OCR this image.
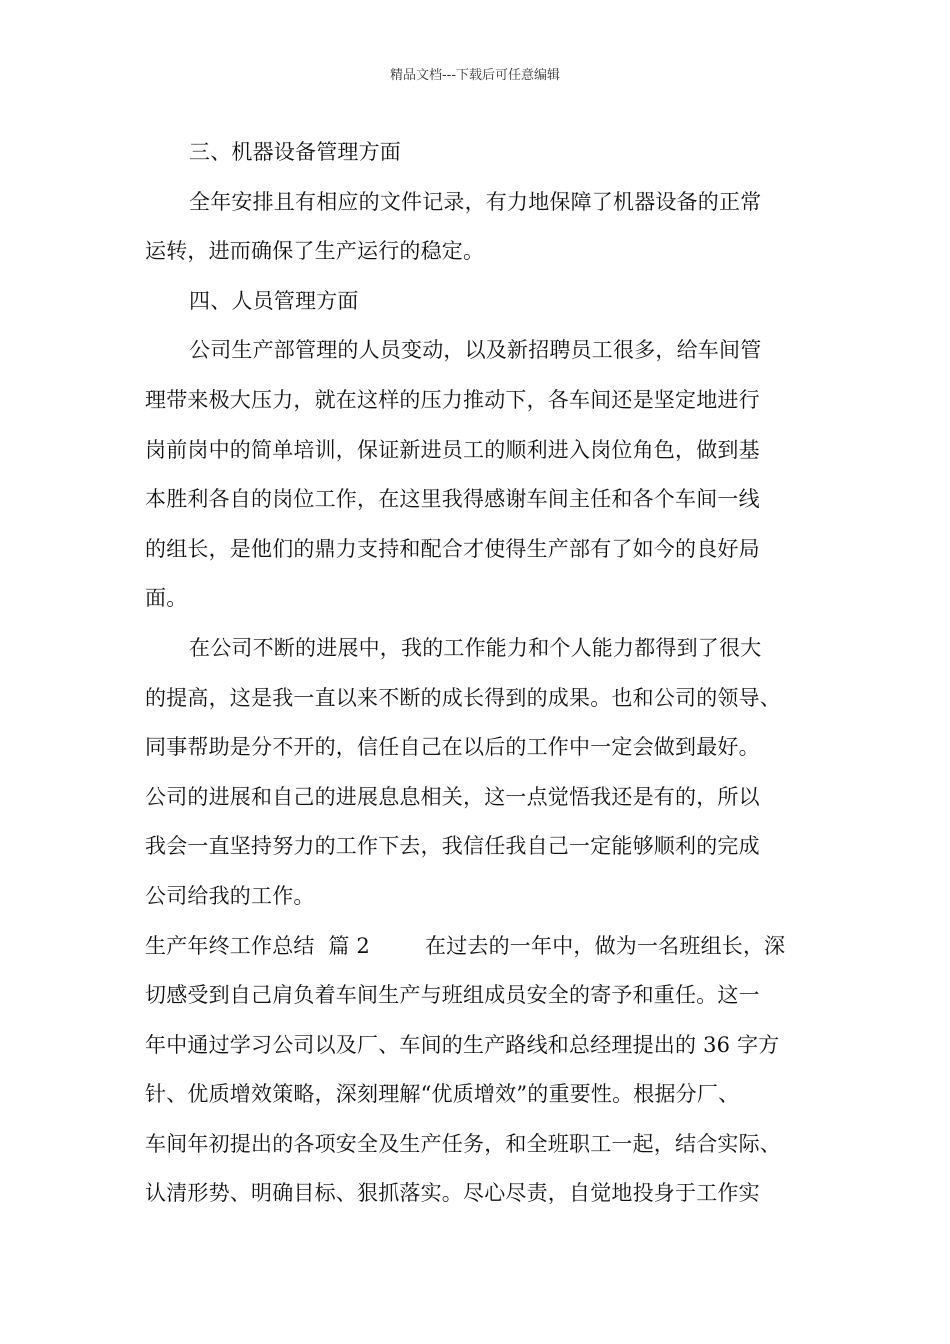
精品文档---下载后可任意编辑
三、机器设备管理方面
全年安排且有相应的文件记录，有力地保障了机器设备的正常
运转，进而确保了生产运行的稳定。
四、人员管理方面
公司生产部管理的人员变动，以及新招聘员工很多，给车间管
理带来极大压力，就在这样的压力推动下，各车间还是坚定地进行
岗前岗中的简单培训，保证新进员工的顺利进入岗位角色，做到基
本胜利各自的岗位工作，在这里我得感谢车间主任和各个车间一线
的组长，是他们的鼎力支持和配合才使得生产部有了如今的良好局
面。
在公司不断的进展中，我的工作能力和个人能力都得到了很大
的提高，这是我一直以来不断的成长得到的成果。也和公司的领导、
同事帮助是分不开的，信任自己在以后的工作中一定会做到最好。
公司的进展和自己的进展息息相关，这一点觉悟我还是有的，所以
我会一直坚持努力的工作下去，我信任我自己一定能够顺利的完成
公司给我的工作。
生产年终工作总结  篇 2        在过去的一年中，做为一名班组长，深
切感受到自己肩负着车间生产与班组成员安全的寄予和重任。这一
年中通过学习公司以及厂、车间的生产路线和总经理提出的 36 字方
针、优质增效策略，深刻理解“优质增效”的重要性。根据分厂、
车间年初提出的各项安全及生产任务，和全班职工一起，结合实际、
认清形势、明确目标、狠抓落实。尽心尽责，自觉地投身于工作实
